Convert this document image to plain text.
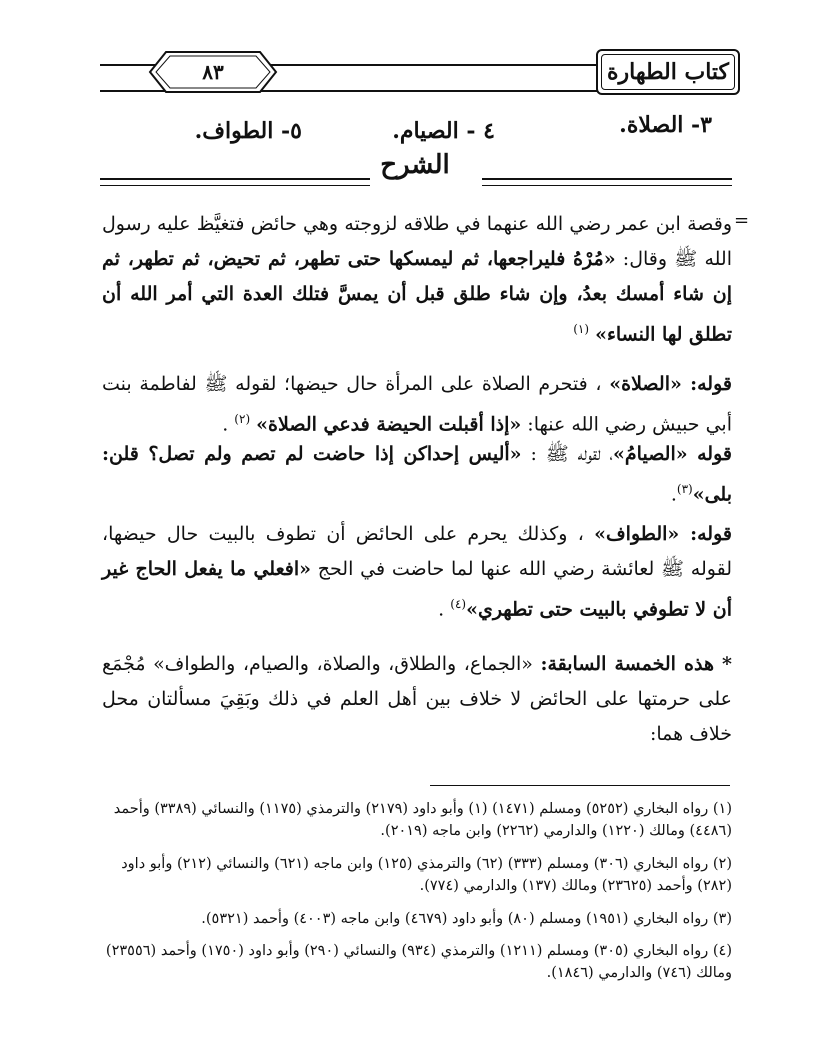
كتاب الطهارة
٨٣
٣- الصلاة.
٤ - الصيام.
٥- الطواف.
الشرح
=
وقصة ابن عمر رضي الله عنهما في طلاقه لزوجته وهي حائض فتغيَّظ عليه رسول الله ﷺ وقال: «مُرْهُ فليراجعها، ثم ليمسكها حتى تطهر، ثم تحيض، ثم تطهر، ثم إن شاء أمسك بعدُ، وإن شاء طلق قبل أن يمسَّ فتلك العدة التي أمر الله أن تطلق لها النساء» $^{(١)}$
قوله: «الصلاة» ، فتحرم الصلاة على المرأة حال حيضها؛ لقوله ﷺ لفاطمة بنت أبي حبيش رضي الله عنها: «إذا أقبلت الحيضة فدعي الصلاة» $^{(٢)}$ .
قوله «الصيامُ»، لقوله ﷺ : «أليس إحداكن إذا حاضت لم تصم ولم تصل؟ قلن: بلى»$^{(٣)}$.
قوله: «الطواف» ، وكذلك يحرم على الحائض أن تطوف بالبيت حال حيضها، لقوله ﷺ لعائشة رضي الله عنها لما حاضت في الحج «افعلي ما يفعل الحاج غير أن لا تطوفي بالبيت حتى تطهري»$^{(٤)}$ .
* هذه الخمسة السابقة: «الجماع، والطلاق، والصلاة، والصيام، والطواف» مُجْمَع على حرمتها على الحائض لا خلاف بين أهل العلم في ذلك وبَقِيَ مسألتان محل خلاف هما:
(١) رواه البخاري (٥٢٥٢) ومسلم (١٤٧١) (١) وأبو داود (٢١٧٩) والترمذي (١١٧٥) والنسائي (٣٣٨٩) وأحمد (٤٤٨٦) ومالك (١٢٢٠) والدارمي (٢٢٦٢) وابن ماجه (٢٠١٩).
(٢) رواه البخاري (٣٠٦) ومسلم (٣٣٣) (٦٢) والترمذي (١٢٥) وابن ماجه (٦٢١) والنسائي (٢١٢) وأبو داود (٢٨٢) وأحمد (٢٣٦٢٥) ومالك (١٣٧) والدارمي (٧٧٤).
(٣) رواه البخاري (١٩٥١) ومسلم (٨٠) وأبو داود (٤٦٧٩) وابن ماجه (٤٠٠٣) وأحمد (٥٣٢١).
(٤) رواه البخاري (٣٠٥) ومسلم (١٢١١) والترمذي (٩٣٤) والنسائي (٢٩٠) وأبو داود (١٧٥٠) وأحمد (٢٣٥٥٦) ومالك (٧٤٦) والدارمي (١٨٤٦).
